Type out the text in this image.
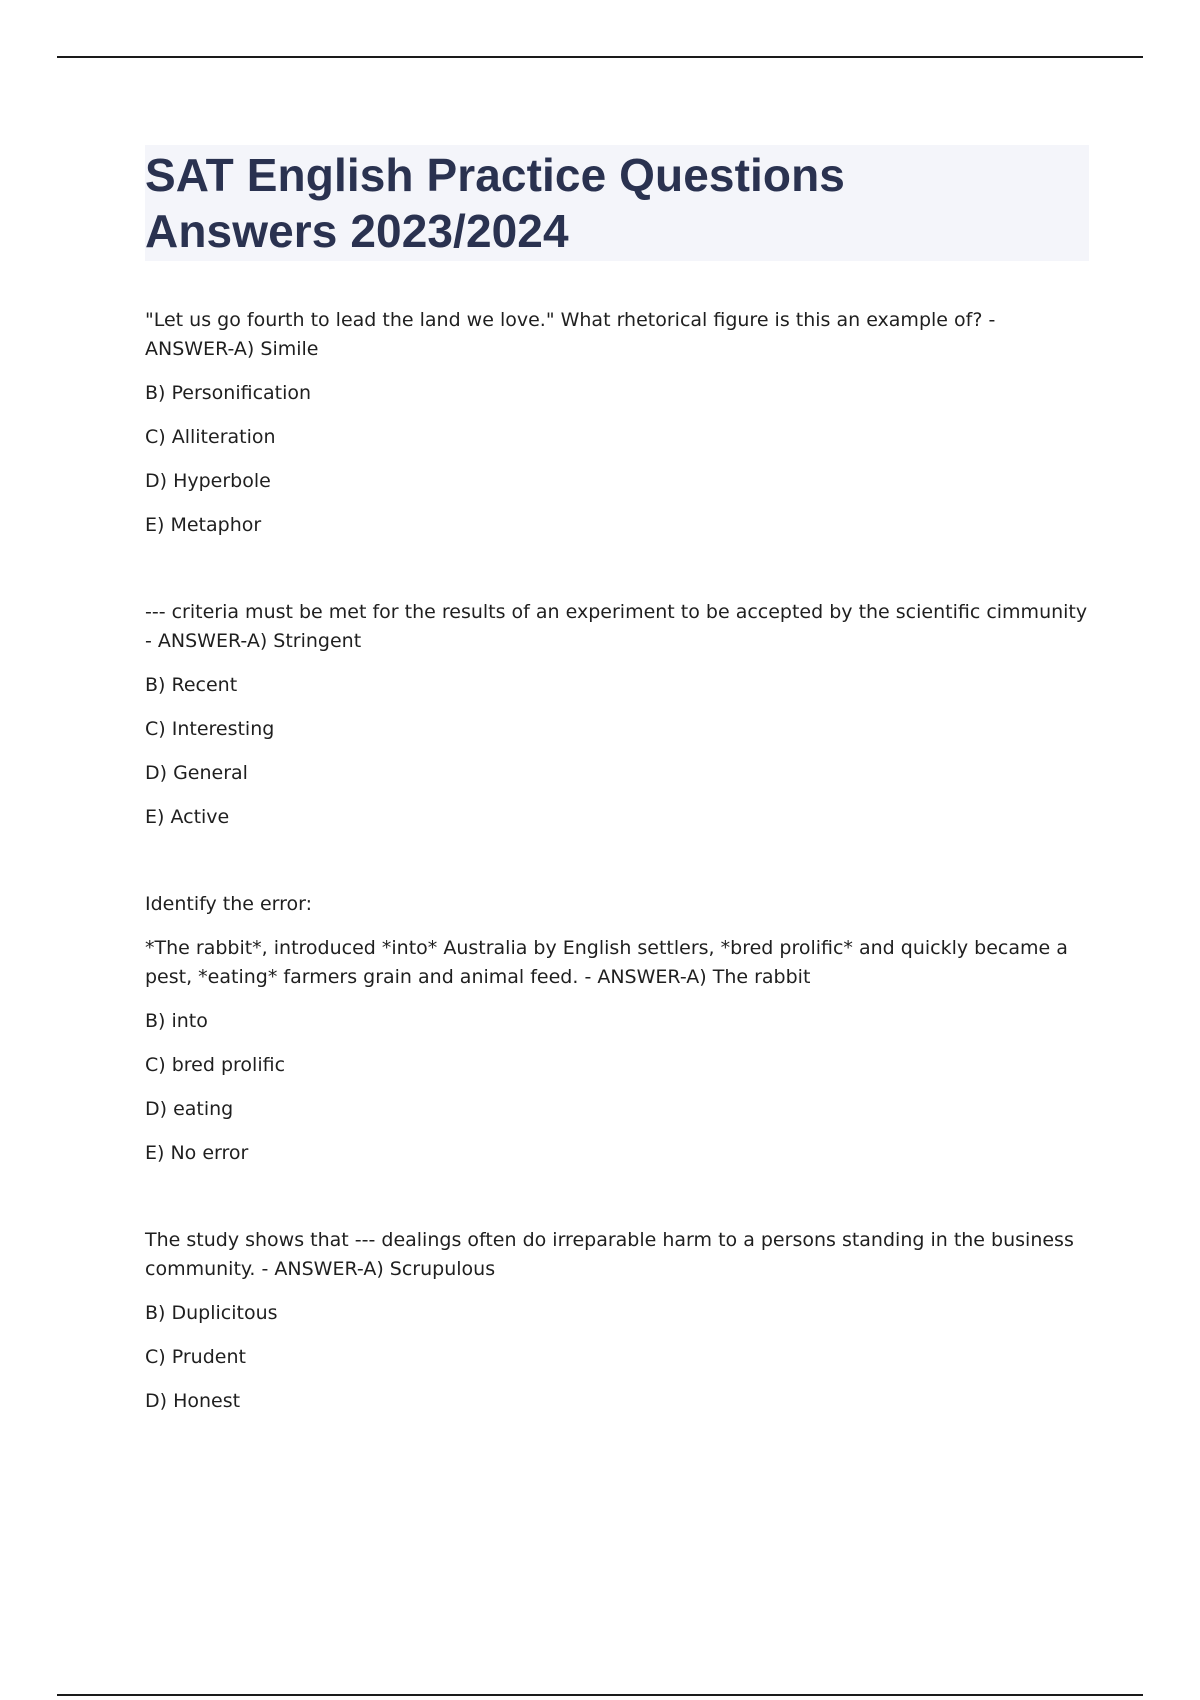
SAT English Practice Questions
Answers 2023/2024

"Let us go fourth to lead the land we love." What rhetorical figure is this an example of? - ANSWER-A) Simile

B) Personification

C) Alliteration

D) Hyperbole

E) Metaphor

--- criteria must be met for the results of an experiment to be accepted by the scientific cimmunity - ANSWER-A) Stringent

B) Recent

C) Interesting

D) General

E) Active

Identify the error:

*The rabbit*, introduced *into* Australia by English settlers, *bred prolific* and quickly became a pest, *eating* farmers grain and animal feed. - ANSWER-A) The rabbit

B) into

C) bred prolific

D) eating

E) No error

The study shows that --- dealings often do irreparable harm to a persons standing in the business community. - ANSWER-A) Scrupulous

B) Duplicitous

C) Prudent

D) Honest
